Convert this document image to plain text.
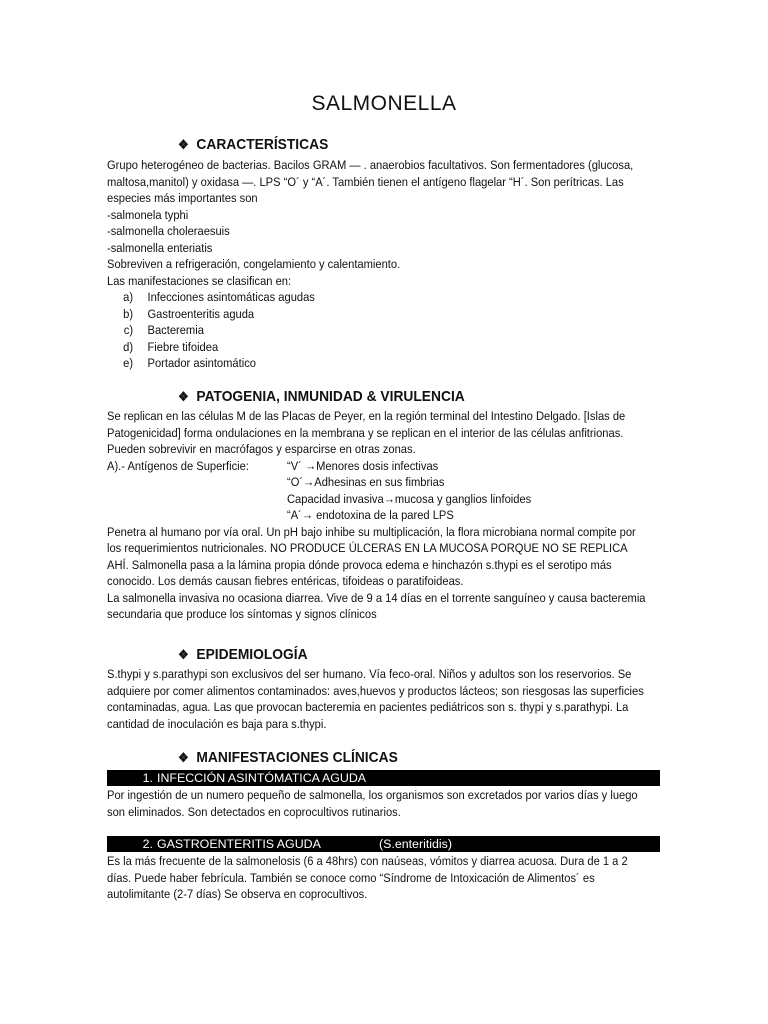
SALMONELLA
❖ CARACTERÍSTICAS

Grupo heterogéneo de bacterias. Bacilos GRAM — . anaerobios facultativos. Son fermentadores (glucosa, maltosa,manitol) y oxidasa —. LPS “O´ y “A´. También tienen el antígeno flagelar “H´. Son perítricas. Las especies más importantes son

-salmonela typhi

-salmonella choleraesuis

-salmonella enteriatis

Sobreviven a refrigeración, congelamiento y calentamiento.

Las manifestaciones se clasifican en:

a) Infecciones asintomáticas agudas
b) Gastroenteritis aguda
c) Bacteremia
d) Fiebre tifoidea
e) Portador asintomático
❖ PATOGENIA, INMUNIDAD & VIRULENCIA

Se replican en las células M de las Placas de Peyer, en la región terminal del Intestino Delgado. [Islas de Patogenicidad] forma ondulaciones en la membrana y se replican en el interior de las células anfitrionas. Pueden sobrevivir en macrófagos y esparcirse en otras zonas.

A).- Antígenos de Superficie:	“V´ →Menores dosis infectivas
“O´→Adhesinas en sus fimbrias
Capacidad invasiva→mucosa y ganglios linfoides
“A´→ endotoxina de la pared LPS

Penetra al humano por vía oral. Un pH bajo inhibe su multiplicación, la flora microbiana normal compite por los requerimientos nutricionales. NO PRODUCE ÚLCERAS EN LA MUCOSA PORQUE NO SE REPLICA AHÍ. Salmonella pasa a la lámina propia dónde provoca edema e hinchazón s.thypi es el serotipo más conocido. Los demás causan fiebres entéricas, tifoideas o paratifoideas.

La salmonella invasiva no ocasiona diarrea. Vive de 9 a 14 días en el torrente sanguíneo y causa bacteremia secundaria que produce los síntomas y signos clínicos

❖ EPIDEMIOLOGÍA

S.thypi y s.parathypi son exclusivos del ser humano. Vía feco-oral. Niños y adultos son los reservorios. Se adquiere por comer alimentos contaminados: aves,huevos y productos lácteos; son riesgosas las superficies contaminadas, agua. Las que provocan bacteremia en pacientes pediátricos son s. thypi y s.parathypi. La cantidad de inoculación es baja para s.thypi.

❖ MANIFESTACIONES CLÍNICAS
1. INFECCIÓN ASINTÓMATICA AGUDA

Por ingestión de un numero pequeño de salmonella, los organismos son excretados por varios días y luego son eliminados. Son detectados en coprocultivos rutinarios.

2. GASTROENTERITIS AGUDA	(S.enteritidis)

Es la más frecuente de la salmonelosis (6 a 48hrs) con naúseas, vómitos y diarrea acuosa. Dura de 1 a 2 días. Puede haber febrícula. También se conoce como “Síndrome de Intoxicación de Alimentos´ es autolimitante (2-7 días) Se observa en coprocultivos.
